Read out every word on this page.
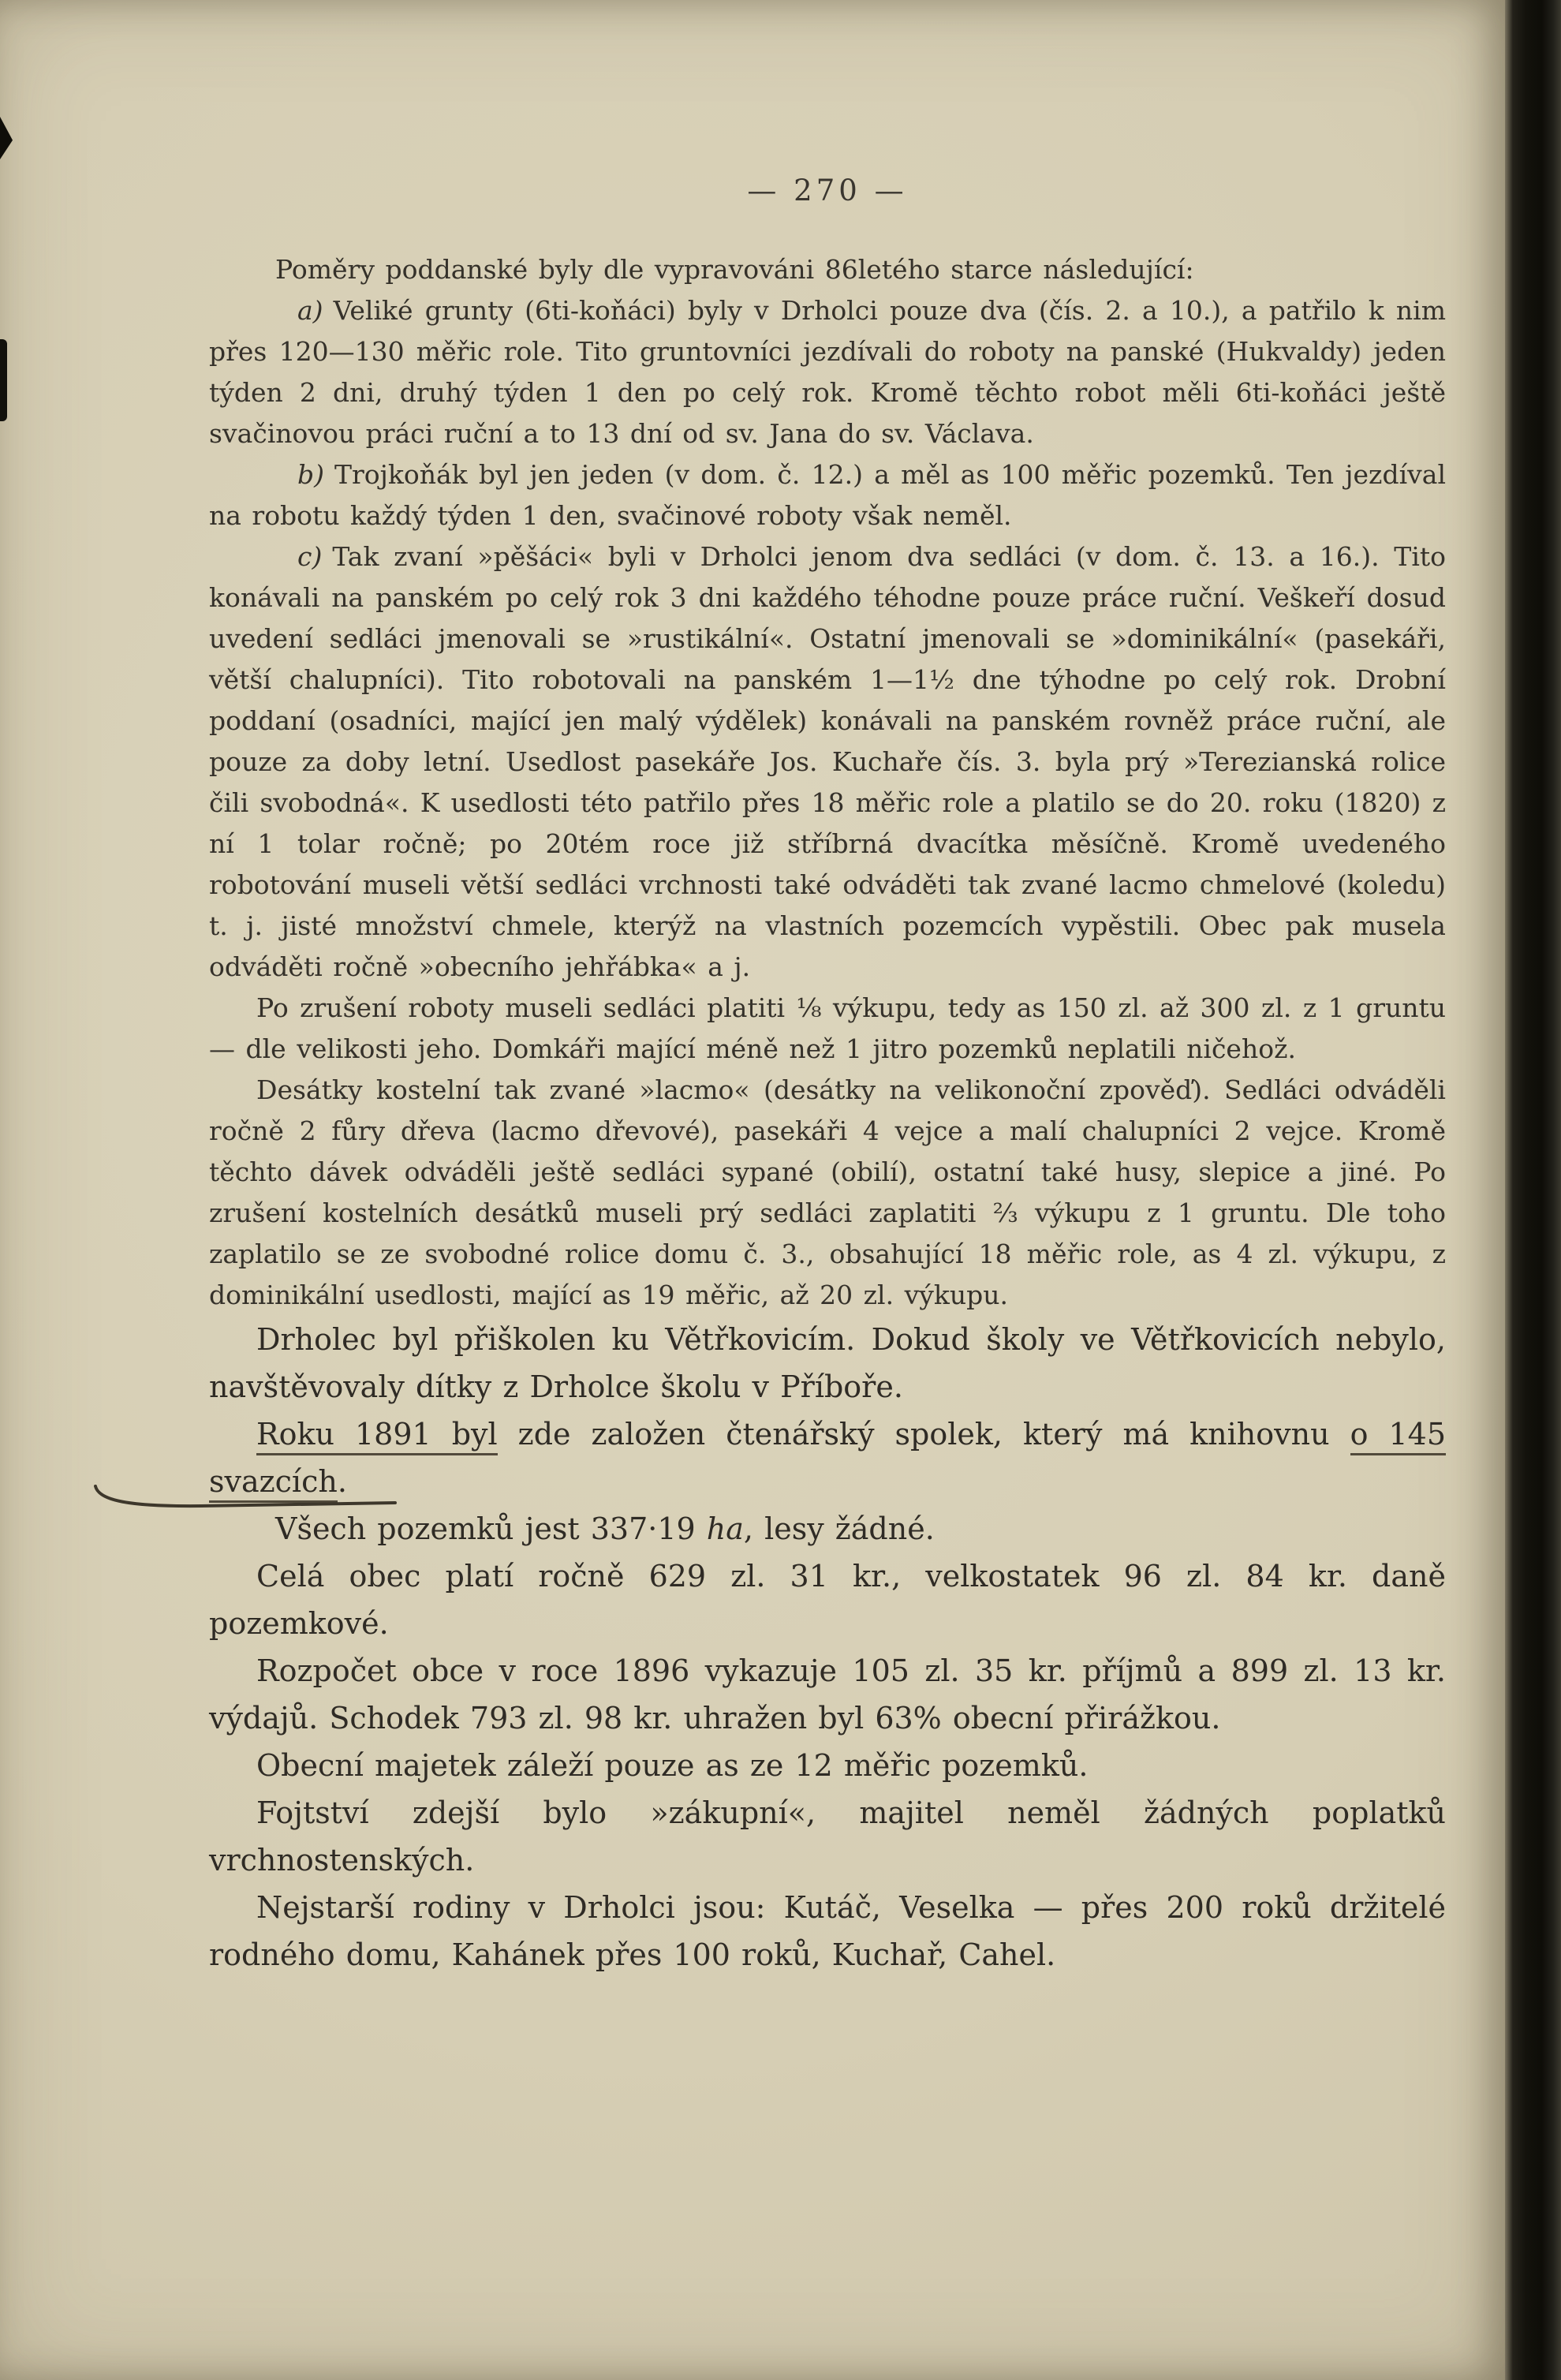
— 270 —

Poměry poddanské byly dle vypravováni 86letého starce následující:

a) Veliké grunty (6ti-koňáci) byly v Drholci pouze dva (čís. 2. a 10.), a patřilo k nim přes 120—130 měřic role. Tito gruntovníci jezdívali do roboty na panské (Hukvaldy) jeden týden 2 dni, druhý týden 1 den po celý rok. Kromě těchto robot měli 6ti-koňáci ještě svačinovou práci ruční a to 13 dní od sv. Jana do sv. Václava.

b) Trojkoňák byl jen jeden (v dom. č. 12.) a měl as 100 měřic pozemků. Ten jezdíval na robotu každý týden 1 den, svačinové roboty však neměl.

c) Tak zvaní »pěšáci« byli v Drholci jenom dva sedláci (v dom. č. 13. a 16.). Tito konávali na panském po celý rok 3 dni každého téhodne pouze práce ruční. Veškeří dosud uvedení sedláci jmenovali se »rustikální«. Ostatní jmenovali se »dominikální« (pasekáři, větší chalupníci). Tito robotovali na panském 1—1½ dne týhodne po celý rok. Drobní poddaní (osadníci, mající jen malý výdělek) konávali na panském rovněž práce ruční, ale pouze za doby letní. Usedlost pasekáře Jos. Kuchaře čís. 3. byla prý »Terezianská rolice čili svobodná«. K usedlosti této patřilo přes 18 měřic role a platilo se do 20. roku (1820) z ní 1 tolar ročně; po 20tém roce již stříbrná dvacítka měsíčně. Kromě uvedeného robotování museli větší sedláci vrchnosti také odváděti tak zvané lacmo chmelové (koledu) t. j. jisté množství chmele, kterýž na vlastních pozemcích vypěstili. Obec pak musela odváděti ročně »obecního jehřábka« a j.

Po zrušení roboty museli sedláci platiti ⅛ výkupu, tedy as 150 zl. až 300 zl. z 1 gruntu — dle velikosti jeho. Domkáři mající méně než 1 jitro pozemků neplatili ničehož.

Desátky kostelní tak zvané »lacmo« (desátky na velikonoční zpověď). Sedláci odváděli ročně 2 fůry dřeva (lacmo dřevové), pasekáři 4 vejce a malí chalupníci 2 vejce. Kromě těchto dávek odváděli ještě sedláci sypané (obilí), ostatní také husy, slepice a jiné. Po zrušení kostelních desátků museli prý sedláci zaplatiti ⅔ výkupu z 1 gruntu. Dle toho zaplatilo se ze svobodné rolice domu č. 3., obsahující 18 měřic role, as 4 zl. výkupu, z dominikální usedlosti, mající as 19 měřic, až 20 zl. výkupu.

Drholec byl přiškolen ku Větřkovicím. Dokud školy ve Větřkovicích nebylo, navštěvovaly dítky z Drholce školu v Příboře.

Roku 1891 byl zde založen čtenářský spolek, který má knihovnu o 145 svazcích.

Všech pozemků jest 337·19 ha, lesy žádné.

Celá obec platí ročně 629 zl. 31 kr., velkostatek 96 zl. 84 kr. daně pozemkové.

Rozpočet obce v roce 1896 vykazuje 105 zl. 35 kr. příjmů a 899 zl. 13 kr. výdajů. Schodek 793 zl. 98 kr. uhražen byl 63% obecní přirážkou.

Obecní majetek záleží pouze as ze 12 měřic pozemků.

Fojtství zdejší bylo »zákupní«, majitel neměl žádných poplatků vrchnostenských.

Nejstarší rodiny v Drholci jsou: Kutáč, Veselka — přes 200 roků držitelé rodného domu, Kahánek přes 100 roků, Kuchař, Cahel.
